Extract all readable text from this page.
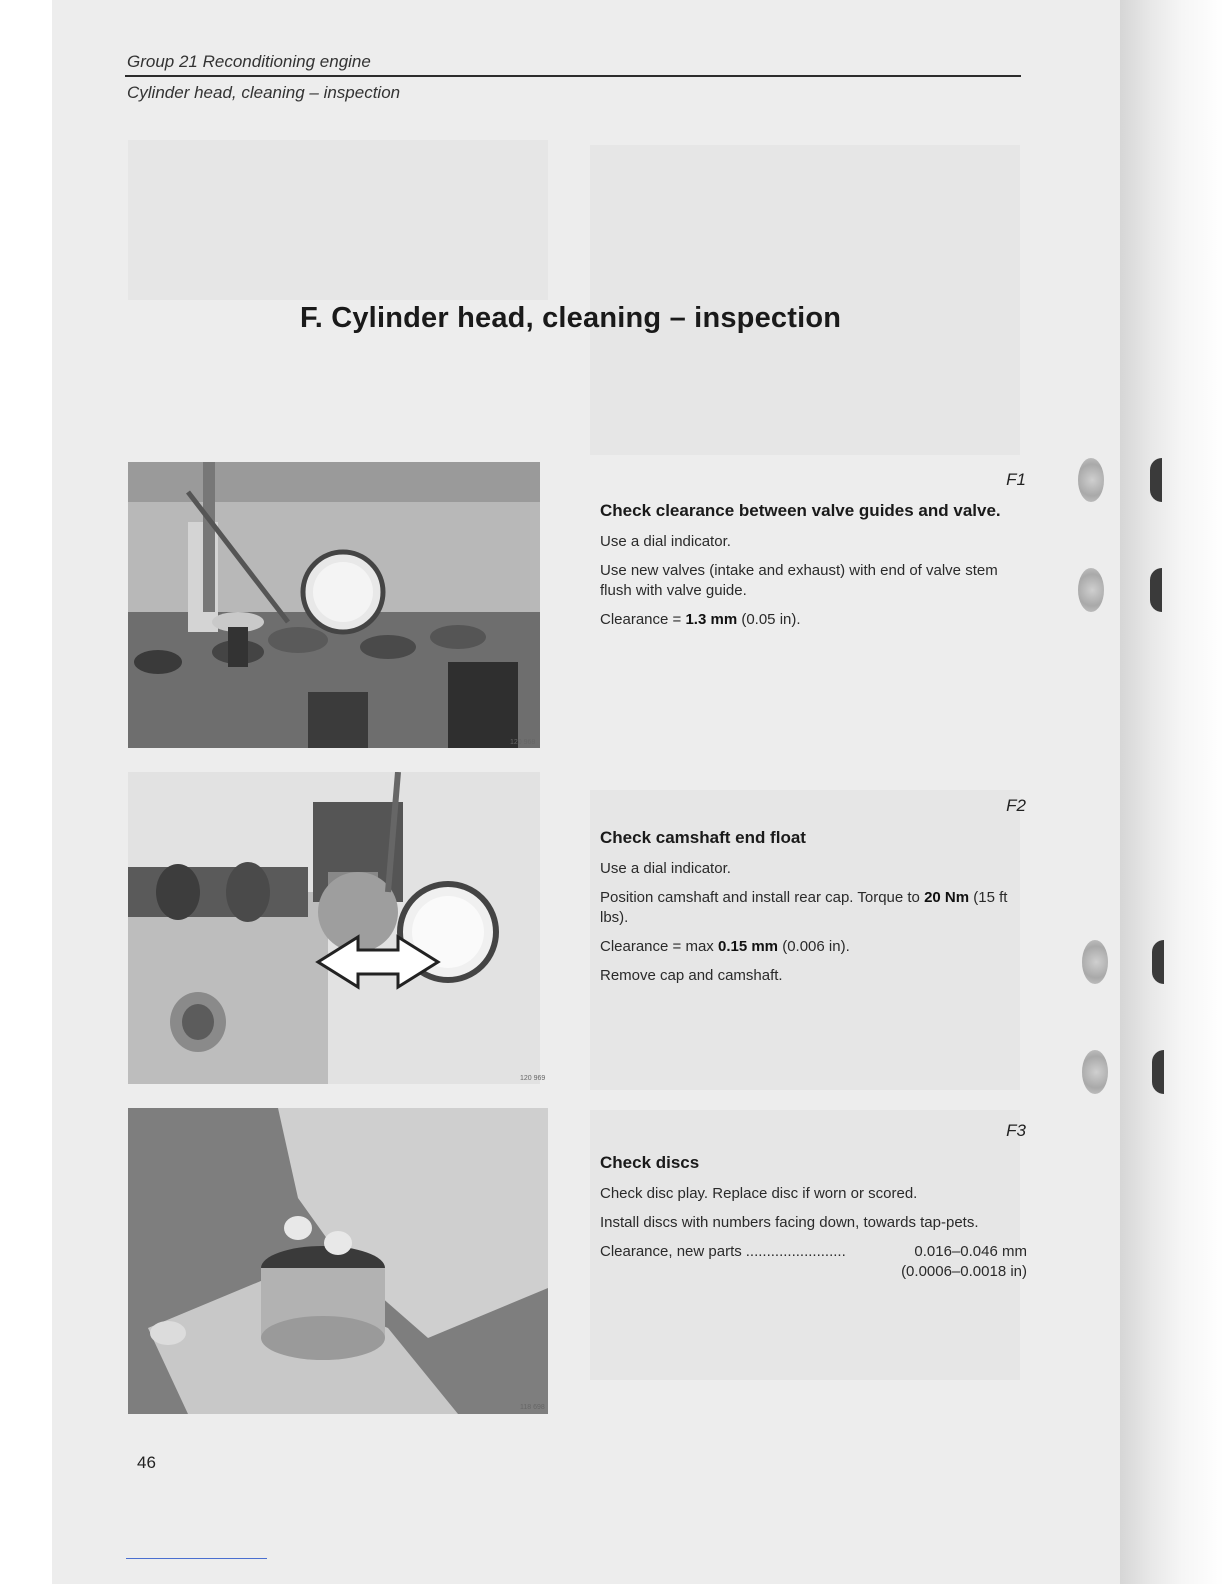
Group 21 Reconditioning engine
Cylinder head, cleaning – inspection
F. Cylinder head, cleaning – inspection
120 968
120 969
118 698
F1
Check clearance between valve guides and valve.

Use a dial indicator.

Use new valves (intake and exhaust) with end of valve stem flush with valve guide.

Clearance = 1.3 mm (0.05 in).

F2
Check camshaft end float

Use a dial indicator.

Position camshaft and install rear cap. Torque to 20 Nm (15 ft lbs).

Clearance = max 0.15 mm (0.006 in).

Remove cap and camshaft.

F3
Check discs

Check disc play. Replace disc if worn or scored.

Install discs with numbers facing down, towards tap-pets.

Clearance, new parts ........................	0.016–0.046 mm
(0.0006–0.0018 in)
46
